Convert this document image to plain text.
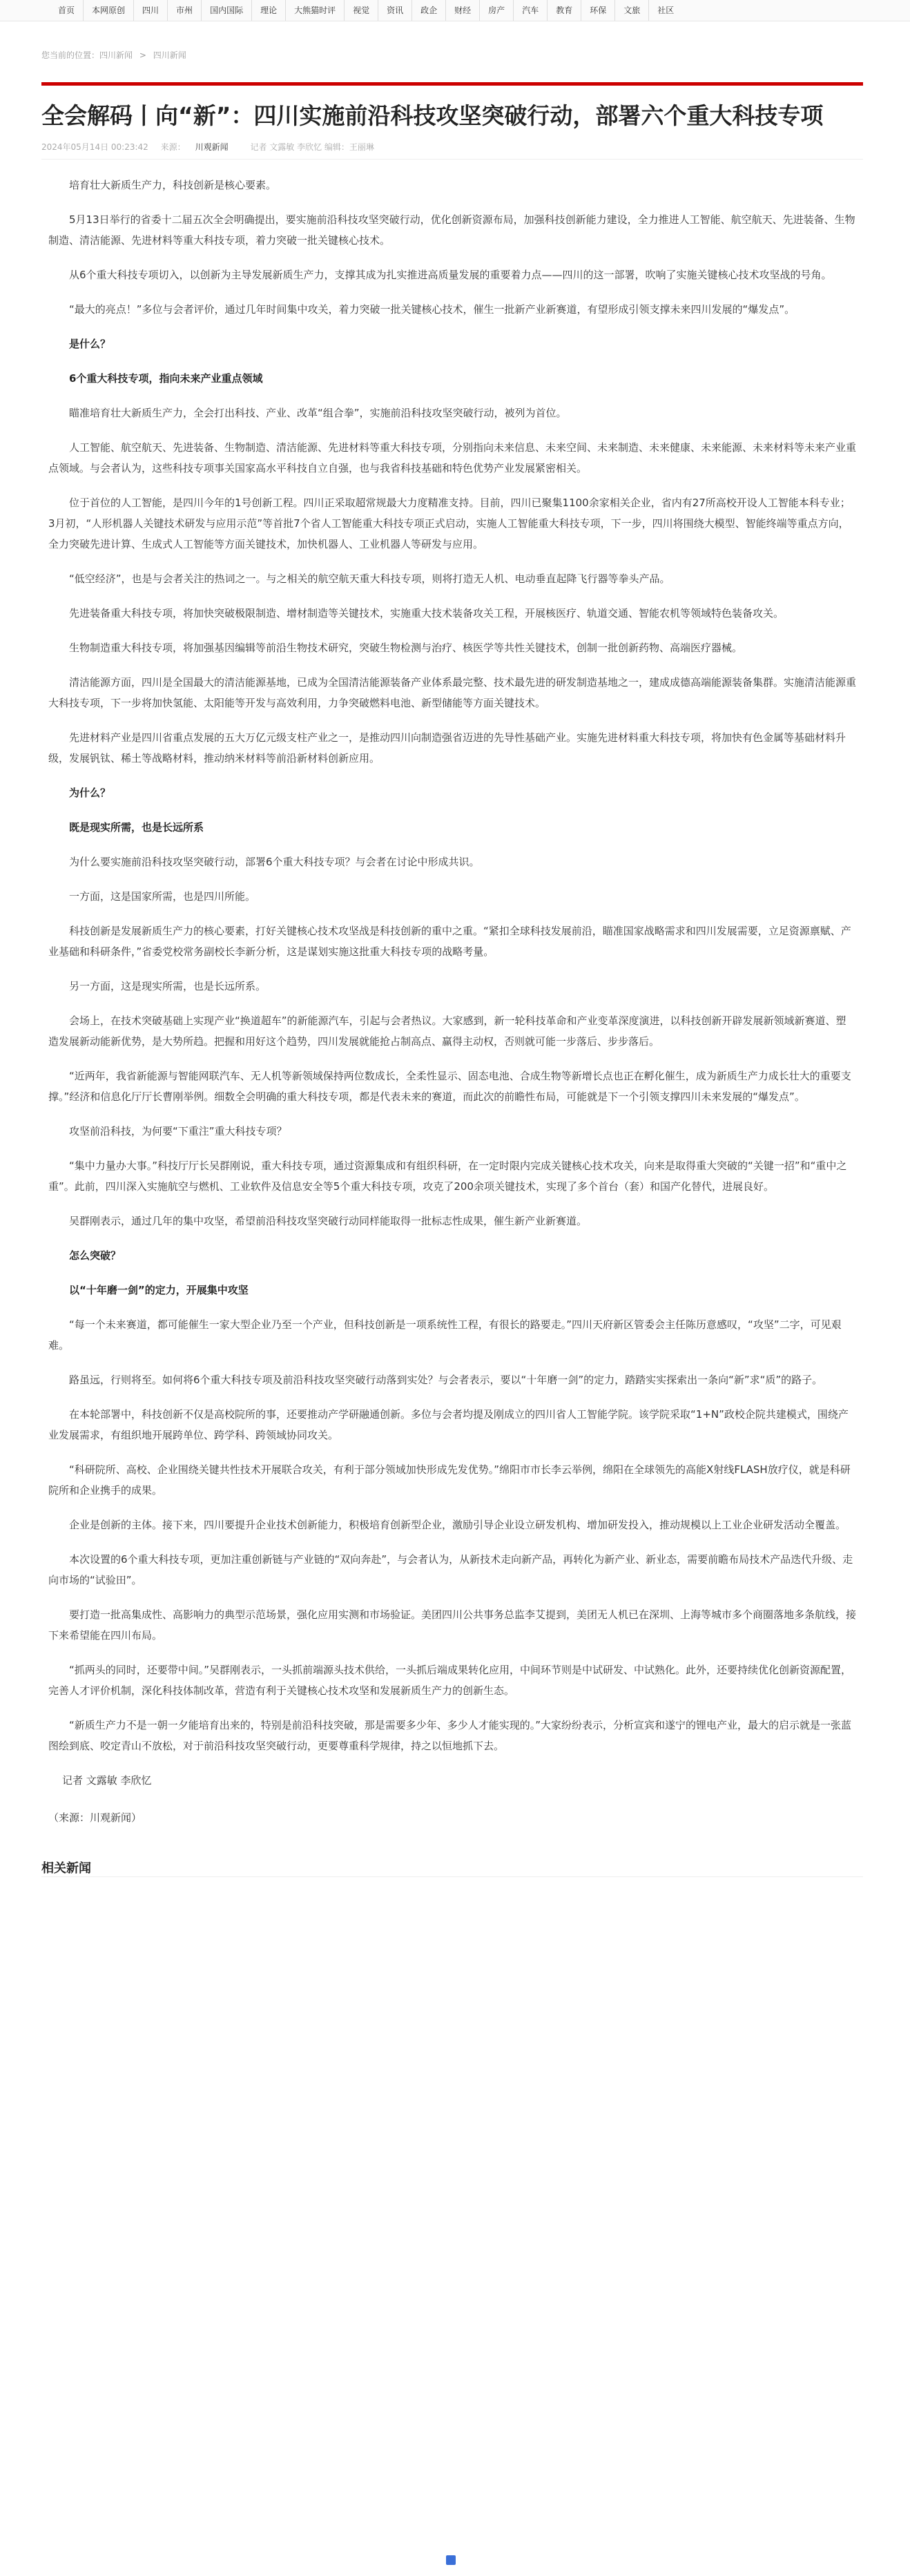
首页	本网原创	四川	市州	国内国际	理论	大熊猫时评	视觉	资讯	政企	财经	房产	汽车	教育	环保	文旅	社区
您当前的位置：四川新闻 > 四川新闻
全会解码丨向“新”：四川实施前沿科技攻坚突破行动，部署六个重大科技专项
2024年05月14日 00:23:42 来源： 川观新闻	记者 文露敏 李欣忆 编辑：王丽琳

培育壮大新质生产力，科技创新是核心要素。

5月13日举行的省委十二届五次全会明确提出，要实施前沿科技攻坚突破行动，优化创新资源布局，加强科技创新能力建设，全力推进人工智能、航空航天、先进装备、生物制造、清洁能源、先进材料等重大科技专项，着力突破一批关键核心技术。

从6个重大科技专项切入，以创新为主导发展新质生产力，支撑其成为扎实推进高质量发展的重要着力点——四川的这一部署，吹响了实施关键核心技术攻坚战的号角。

“最大的亮点！”多位与会者评价，通过几年时间集中攻关，着力突破一批关键核心技术，催生一批新产业新赛道，有望形成引领支撑未来四川发展的“爆发点”。

是什么？

6个重大科技专项，指向未来产业重点领域

瞄准培育壮大新质生产力，全会打出科技、产业、改革“组合拳”，实施前沿科技攻坚突破行动，被列为首位。

人工智能、航空航天、先进装备、生物制造、清洁能源、先进材料等重大科技专项，分别指向未来信息、未来空间、未来制造、未来健康、未来能源、未来材料等未来产业重点领域。与会者认为，这些科技专项事关国家高水平科技自立自强，也与我省科技基础和特色优势产业发展紧密相关。

位于首位的人工智能，是四川今年的1号创新工程。四川正采取超常规最大力度精准支持。目前，四川已聚集1100余家相关企业，省内有27所高校开设人工智能本科专业；3月初，“人形机器人关键技术研发与应用示范”等首批7个省人工智能重大科技专项正式启动，实施人工智能重大科技专项，下一步，四川将围绕大模型、智能终端等重点方向，全力突破先进计算、生成式人工智能等方面关键技术，加快机器人、工业机器人等研发与应用。

“低空经济”，也是与会者关注的热词之一。与之相关的航空航天重大科技专项，则将打造无人机、电动垂直起降飞行器等拳头产品。

先进装备重大科技专项，将加快突破极限制造、增材制造等关键技术，实施重大技术装备攻关工程，开展核医疗、轨道交通、智能农机等领域特色装备攻关。

生物制造重大科技专项，将加强基因编辑等前沿生物技术研究，突破生物检测与治疗、核医学等共性关键技术，创制一批创新药物、高端医疗器械。

清洁能源方面，四川是全国最大的清洁能源基地，已成为全国清洁能源装备产业体系最完整、技术最先进的研发制造基地之一，建成成德高端能源装备集群。实施清洁能源重大科技专项，下一步将加快氢能、太阳能等开发与高效利用，力争突破燃料电池、新型储能等方面关键技术。

先进材料产业是四川省重点发展的五大万亿元级支柱产业之一，是推动四川向制造强省迈进的先导性基础产业。实施先进材料重大科技专项，将加快有色金属等基础材料升级，发展钒钛、稀土等战略材料，推动纳米材料等前沿新材料创新应用。

为什么？

既是现实所需，也是长远所系

为什么要实施前沿科技攻坚突破行动，部署6个重大科技专项？与会者在讨论中形成共识。

一方面，这是国家所需，也是四川所能。

科技创新是发展新质生产力的核心要素，打好关键核心技术攻坚战是科技创新的重中之重。“紧扣全球科技发展前沿，瞄准国家战略需求和四川发展需要，立足资源禀赋、产业基础和科研条件，”省委党校常务副校长李新分析，这是谋划实施这批重大科技专项的战略考量。

另一方面，这是现实所需，也是长远所系。

会场上，在技术突破基础上实现产业“换道超车”的新能源汽车，引起与会者热议。大家感到，新一轮科技革命和产业变革深度演进，以科技创新开辟发展新领域新赛道、塑造发展新动能新优势，是大势所趋。把握和用好这个趋势，四川发展就能抢占制高点、赢得主动权，否则就可能一步落后、步步落后。

“近两年，我省新能源与智能网联汽车、无人机等新领域保持两位数成长，全柔性显示、固态电池、合成生物等新增长点也正在孵化催生，成为新质生产力成长壮大的重要支撑。”经济和信息化厅厅长曹刚举例。细数全会明确的重大科技专项，都是代表未来的赛道，而此次的前瞻性布局，可能就是下一个引领支撑四川未来发展的“爆发点”。

攻坚前沿科技，为何要“下重注”重大科技专项？

“集中力量办大事。”科技厅厅长吴群刚说，重大科技专项，通过资源集成和有组织科研，在一定时限内完成关键核心技术攻关，向来是取得重大突破的“关键一招”和“重中之重”。此前，四川深入实施航空与燃机、工业软件及信息安全等5个重大科技专项，攻克了200余项关键技术，实现了多个首台（套）和国产化替代，进展良好。

吴群刚表示，通过几年的集中攻坚，希望前沿科技攻坚突破行动同样能取得一批标志性成果，催生新产业新赛道。

怎么突破？

以“十年磨一剑”的定力，开展集中攻坚

“每一个未来赛道，都可能催生一家大型企业乃至一个产业，但科技创新是一项系统性工程，有很长的路要走。”四川天府新区管委会主任陈历意感叹，“攻坚”二字，可见艰难。

路虽远，行则将至。如何将6个重大科技专项及前沿科技攻坚突破行动落到实处？与会者表示，要以“十年磨一剑”的定力，踏踏实实探索出一条向“新”求“质”的路子。

在本轮部署中，科技创新不仅是高校院所的事，还要推动产学研融通创新。多位与会者均提及刚成立的四川省人工智能学院。该学院采取“1+N”政校企院共建模式，围绕产业发展需求，有组织地开展跨单位、跨学科、跨领域协同攻关。

“科研院所、高校、企业围绕关键共性技术开展联合攻关，有利于部分领域加快形成先发优势。”绵阳市市长李云举例，绵阳在全球领先的高能X射线FLASH放疗仪，就是科研院所和企业携手的成果。

企业是创新的主体。接下来，四川要提升企业技术创新能力，积极培育创新型企业，激励引导企业设立研发机构、增加研发投入，推动规模以上工业企业研发活动全覆盖。

本次设置的6个重大科技专项，更加注重创新链与产业链的“双向奔赴”，与会者认为，从新技术走向新产品，再转化为新产业、新业态，需要前瞻布局技术产品迭代升级、走向市场的“试验田”。

要打造一批高集成性、高影响力的典型示范场景，强化应用实测和市场验证。美团四川公共事务总监李艾提到，美团无人机已在深圳、上海等城市多个商圈落地多条航线，接下来希望能在四川布局。

“抓两头的同时，还要带中间。”吴群刚表示，一头抓前端源头技术供给，一头抓后端成果转化应用，中间环节则是中试研发、中试熟化。此外，还要持续优化创新资源配置，完善人才评价机制，深化科技体制改革，营造有利于关键核心技术攻坚和发展新质生产力的创新生态。

“新质生产力不是一朝一夕能培育出来的，特别是前沿科技突破，那是需要多少年、多少人才能实现的。”大家纷纷表示，分析宣宾和遂宁的锂电产业，最大的启示就是一张蓝图绘到底、咬定青山不放松，对于前沿科技攻坚突破行动，更要尊重科学规律，持之以恒地抓下去。

记者 文露敏 李欣忆
（来源：川观新闻）
相关新闻
